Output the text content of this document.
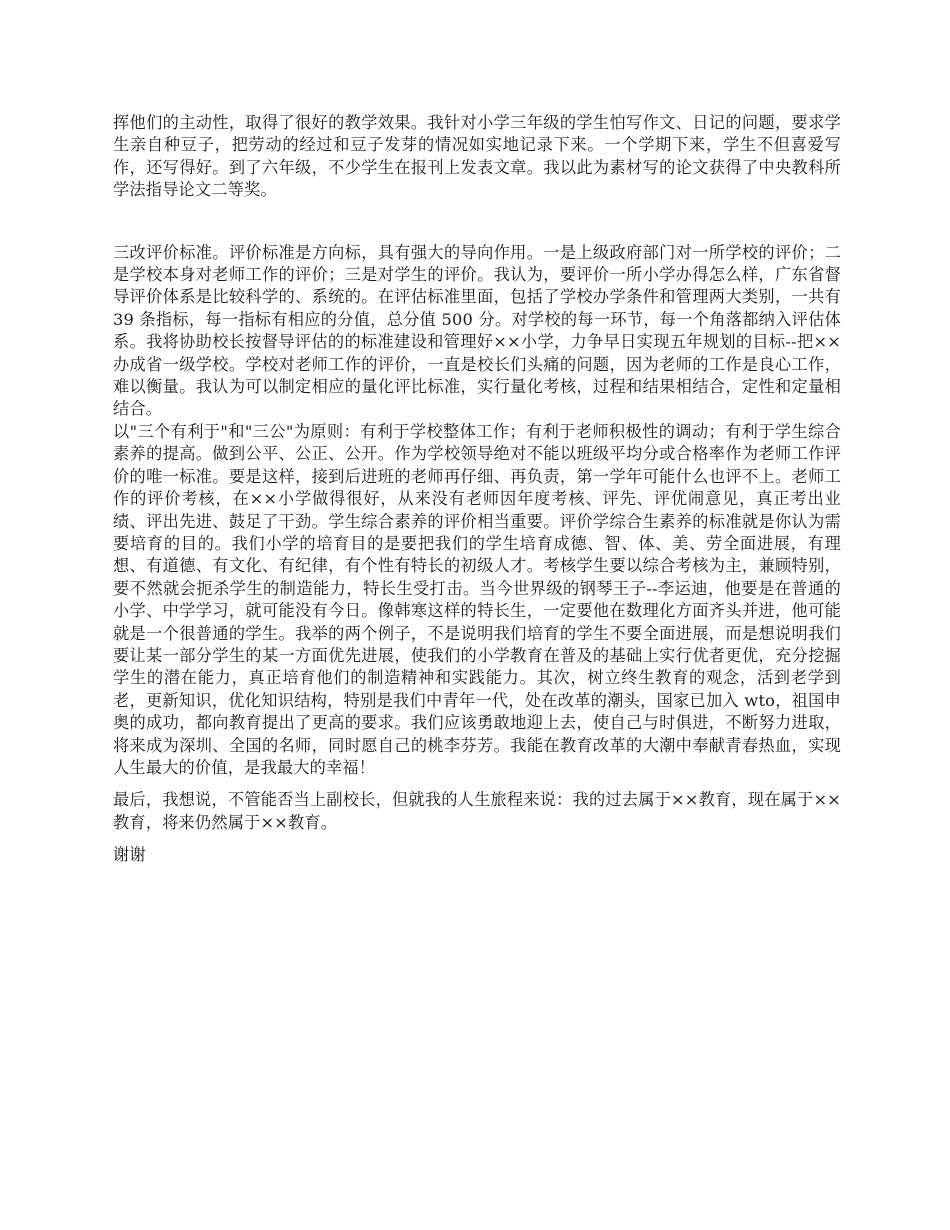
挥他们的主动性，取得了很好的教学效果。我针对小学三年级的学生怕写作文、日记的问题，要求学生亲自种豆子，把劳动的经过和豆子发芽的情况如实地记录下来。一个学期下来，学生不但喜爱写作，还写得好。到了六年级，不少学生在报刊上发表文章。我以此为素材写的论文获得了中央教科所学法指导论文二等奖。

三改评价标准。评价标准是方向标，具有强大的导向作用。一是上级政府部门对一所学校的评价；二是学校本身对老师工作的评价；三是对学生的评价。我认为，要评价一所小学办得怎么样，广东省督导评价体系是比较科学的、系统的。在评估标准里面，包括了学校办学条件和管理两大类别，一共有 39 条指标，每一指标有相应的分值，总分值 500 分。对学校的每一环节，每一个角落都纳入评估体系。我将协助校长按督导评估的的标准建设和管理好××小学，力争早日实现五年规划的目标--把××办成省一级学校。学校对老师工作的评价，一直是校长们头痛的问题，因为老师的工作是良心工作，难以衡量。我认为可以制定相应的量化评比标准，实行量化考核，过程和结果相结合，定性和定量相结合。

以"三个有利于"和"三公"为原则：有利于学校整体工作；有利于老师积极性的调动；有利于学生综合素养的提高。做到公平、公正、公开。作为学校领导绝对不能以班级平均分或合格率作为老师工作评价的唯一标准。要是这样，接到后进班的老师再仔细、再负责，第一学年可能什么也评不上。老师工作的评价考核，在××小学做得很好，从来没有老师因年度考核、评先、评优闹意见，真正考出业绩、评出先进、鼓足了干劲。学生综合素养的评价相当重要。评价学综合生素养的标准就是你认为需要培育的目的。我们小学的培育目的是要把我们的学生培育成德、智、体、美、劳全面进展，有理想、有道德、有文化、有纪律，有个性有特长的初级人才。考核学生要以综合考核为主，兼顾特别，要不然就会扼杀学生的制造能力，特长生受打击。当今世界级的钢琴王子--李运迪，他要是在普通的小学、中学学习，就可能没有今日。像韩寒这样的特长生，一定要他在数理化方面齐头并进，他可能就是一个很普通的学生。我举的两个例子，不是说明我们培育的学生不要全面进展，而是想说明我们要让某一部分学生的某一方面优先进展，使我们的小学教育在普及的基础上实行优者更优，充分挖掘学生的潜在能力，真正培育他们的制造精神和实践能力。其次，树立终生教育的观念，活到老学到老，更新知识，优化知识结构，特别是我们中青年一代，处在改革的潮头，国家已加入 wto，祖国申奥的成功，都向教育提出了更高的要求。我们应该勇敢地迎上去，使自己与时俱进，不断努力进取，将来成为深圳、全国的名师，同时愿自己的桃李芬芳。我能在教育改革的大潮中奉献青春热血，实现人生最大的价值，是我最大的幸福！

最后，我想说，不管能否当上副校长，但就我的人生旅程来说：我的过去属于××教育，现在属于××教育，将来仍然属于××教育。

谢谢
